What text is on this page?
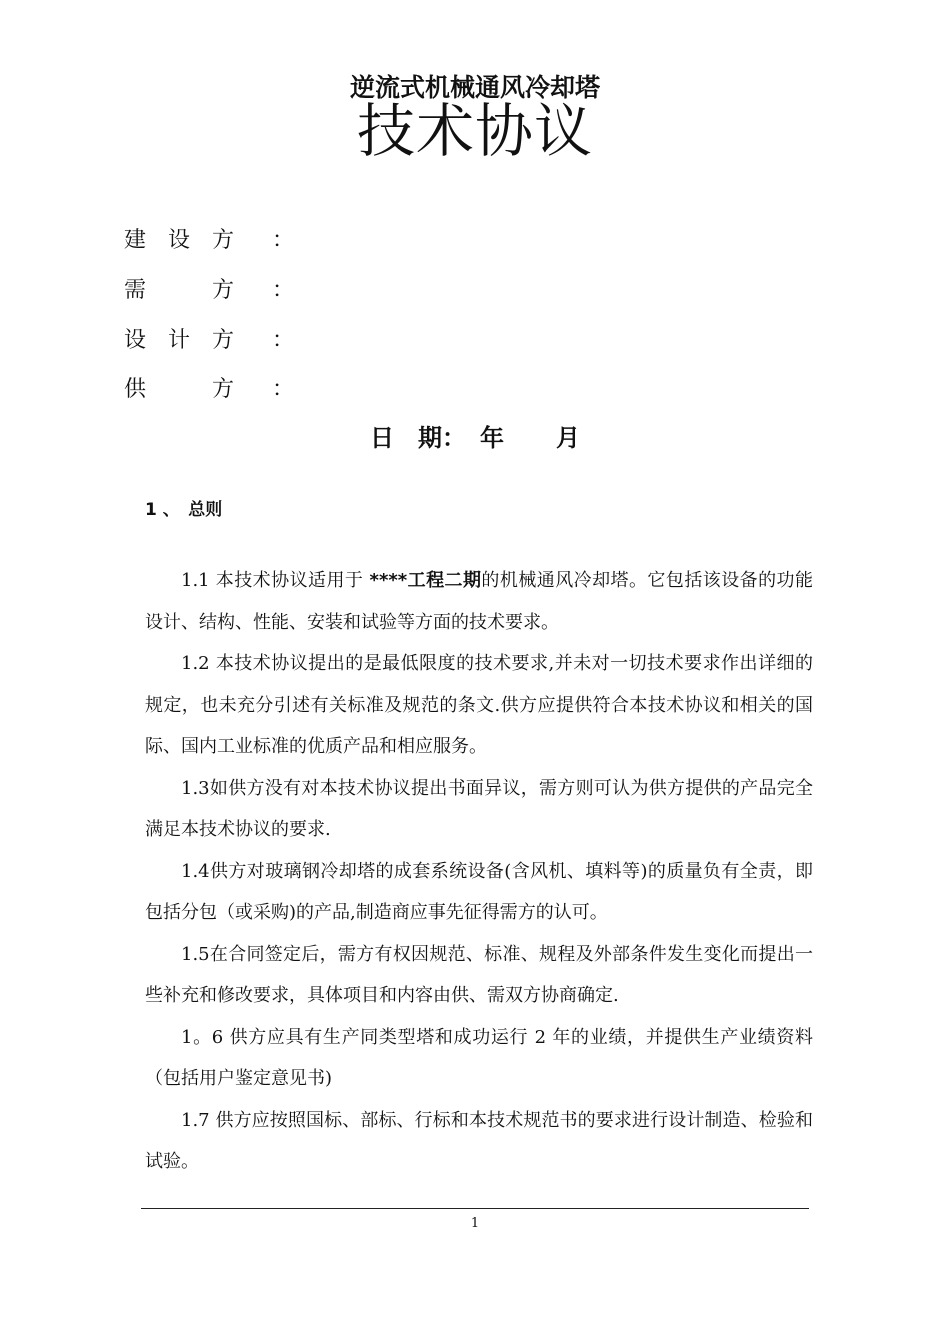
逆流式机械通风冷却塔
技术协议
建　设　方	：
需　　　方	：
设　计　方	：
供　　　方	：
日　期： 年 月
1 、　总则

1.1 本技术协议适用于 ****工程二期的机械通风冷却塔。它包括该设备的功能设计、结构、性能、安装和试验等方面的技术要求。

1.2 本技术协议提出的是最低限度的技术要求,并未对一切技术要求作出详细的规定，也未充分引述有关标准及规范的条文.供方应提供符合本技术协议和相关的国际、国内工业标准的优质产品和相应服务。

1.3如供方没有对本技术协议提出书面异议，需方则可认为供方提供的产品完全满足本技术协议的要求.

1.4供方对玻璃钢冷却塔的成套系统设备(含风机、填料等)的质量负有全责，即包括分包（或采购)的产品,制造商应事先征得需方的认可。

1.5在合同签定后，需方有权因规范、标准、规程及外部条件发生变化而提出一些补充和修改要求，具体项目和内容由供、需双方协商确定.

1。6 供方应具有生产同类型塔和成功运行 2 年的业绩，并提供生产业绩资料（包括用户鉴定意见书)

1.7 供方应按照国标、部标、行标和本技术规范书的要求进行设计制造、检验和试验。

1
